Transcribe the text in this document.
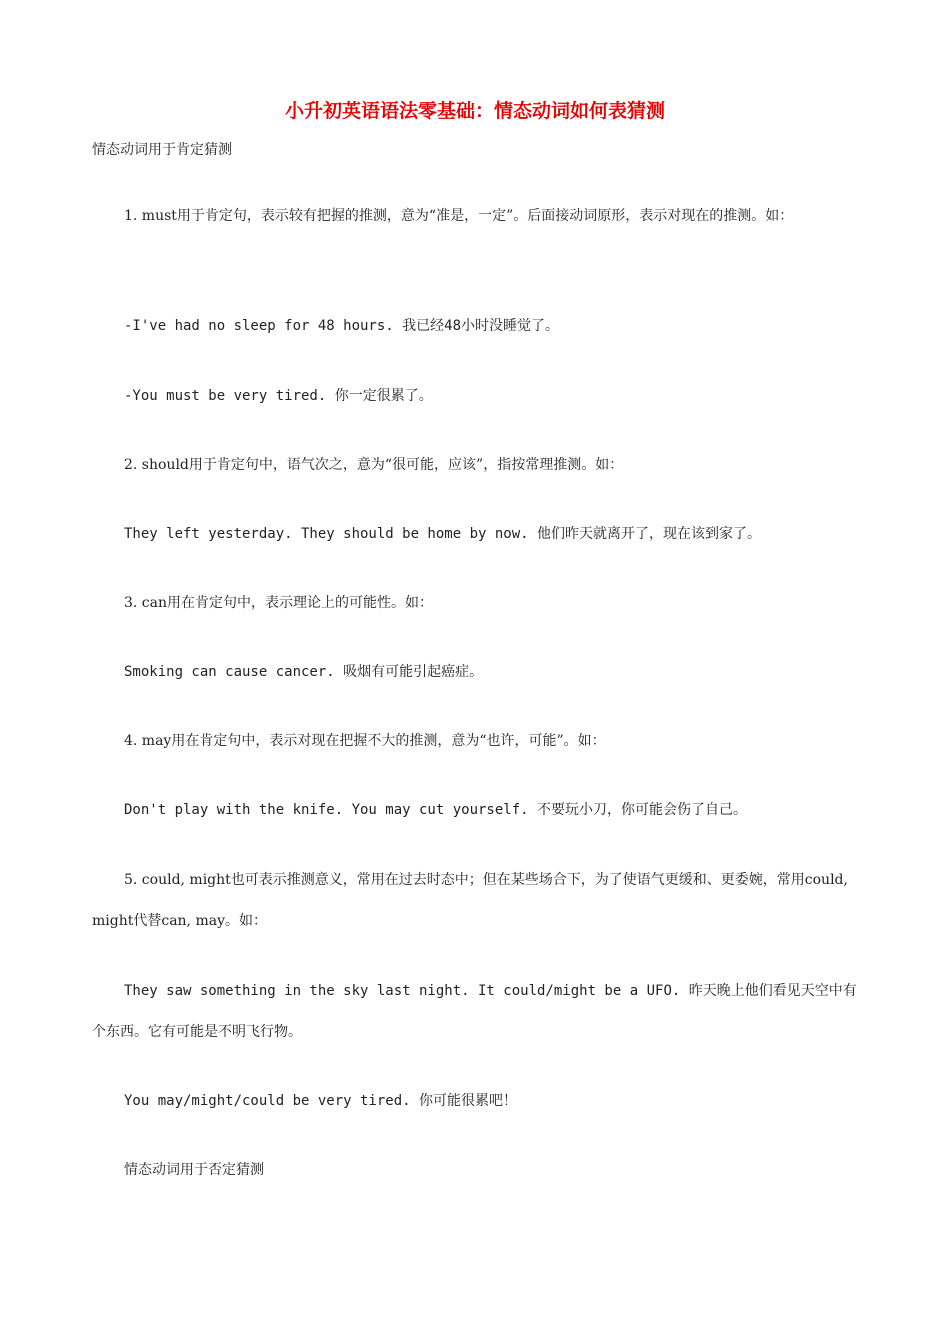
小升初英语语法零基础：情态动词如何表猜测

情态动词用于肯定猜测

1. must用于肯定句，表示较有把握的推测，意为“准是，一定”。后面接动词原形，表示对现在的推测。如：

-I've had no sleep for 48 hours. 我已经48小时没睡觉了。

-You must be very tired. 你一定很累了。

2. should用于肯定句中，语气次之，意为“很可能，应该”，指按常理推测。如：

They left yesterday. They should be home by now. 他们昨天就离开了，现在该到家了。

3. can用在肯定句中，表示理论上的可能性。如：

Smoking can cause cancer. 吸烟有可能引起癌症。

4. may用在肯定句中，表示对现在把握不大的推测，意为“也许，可能”。如：

Don't play with the knife. You may cut yourself. 不要玩小刀，你可能会伤了自己。

5. could, might也可表示推测意义，常用在过去时态中；但在某些场合下，为了使语气更缓和、更委婉，常用could, might代替can, may。如：

They saw something in the sky last night. It could/might be a UFO. 昨天晚上他们看见天空中有个东西。它有可能是不明飞行物。

You may/might/could be very tired. 你可能很累吧！

情态动词用于否定猜测
